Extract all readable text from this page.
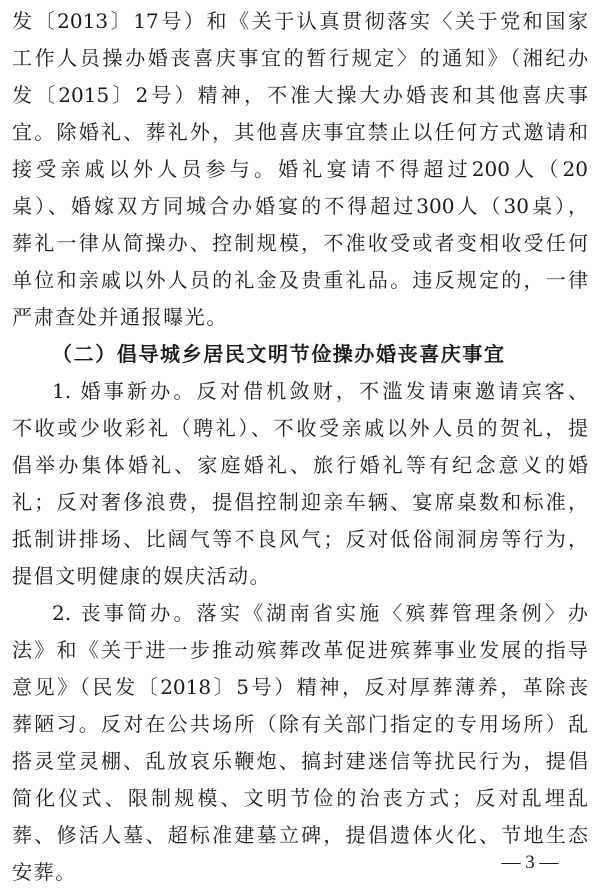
发〔2013〕17号）和《关于认真贯彻落实〈关于党和国家
工作人员操办婚丧喜庆事宜的暂行规定〉的通知》（湘纪办
发〔2015〕2号）精神，不准大操大办婚丧和其他喜庆事
宜。除婚礼、葬礼外，其他喜庆事宜禁止以任何方式邀请和
接受亲戚以外人员参与。婚礼宴请不得超过200人（20
桌）、婚嫁双方同城合办婚宴的不得超过300人（30桌），
葬礼一律从简操办、控制规模，不准收受或者变相收受任何
单位和亲戚以外人员的礼金及贵重礼品。违反规定的，一律
严肃查处并通报曝光。
（二）倡导城乡居民文明节俭操办婚丧喜庆事宜
1. 婚事新办。反对借机敛财，不滥发请柬邀请宾客、
不收或少收彩礼（聘礼）、不收受亲戚以外人员的贺礼，提
倡举办集体婚礼、家庭婚礼、旅行婚礼等有纪念意义的婚
礼；反对奢侈浪费，提倡控制迎亲车辆、宴席桌数和标准，
抵制讲排场、比阔气等不良风气；反对低俗闹洞房等行为，
提倡文明健康的娱庆活动。
2. 丧事简办。落实《湖南省实施〈殡葬管理条例〉办
法》和《关于进一步推动殡葬改革促进殡葬事业发展的指导
意见》（民发〔2018〕5号）精神，反对厚葬薄养，革除丧
葬陋习。反对在公共场所（除有关部门指定的专用场所）乱
搭灵堂灵棚、乱放哀乐鞭炮、搞封建迷信等扰民行为，提倡
简化仪式、限制规模、文明节俭的治丧方式；反对乱埋乱
葬、修活人墓、超标准建墓立碑，提倡遗体火化、节地生态
安葬。	— 3 —
